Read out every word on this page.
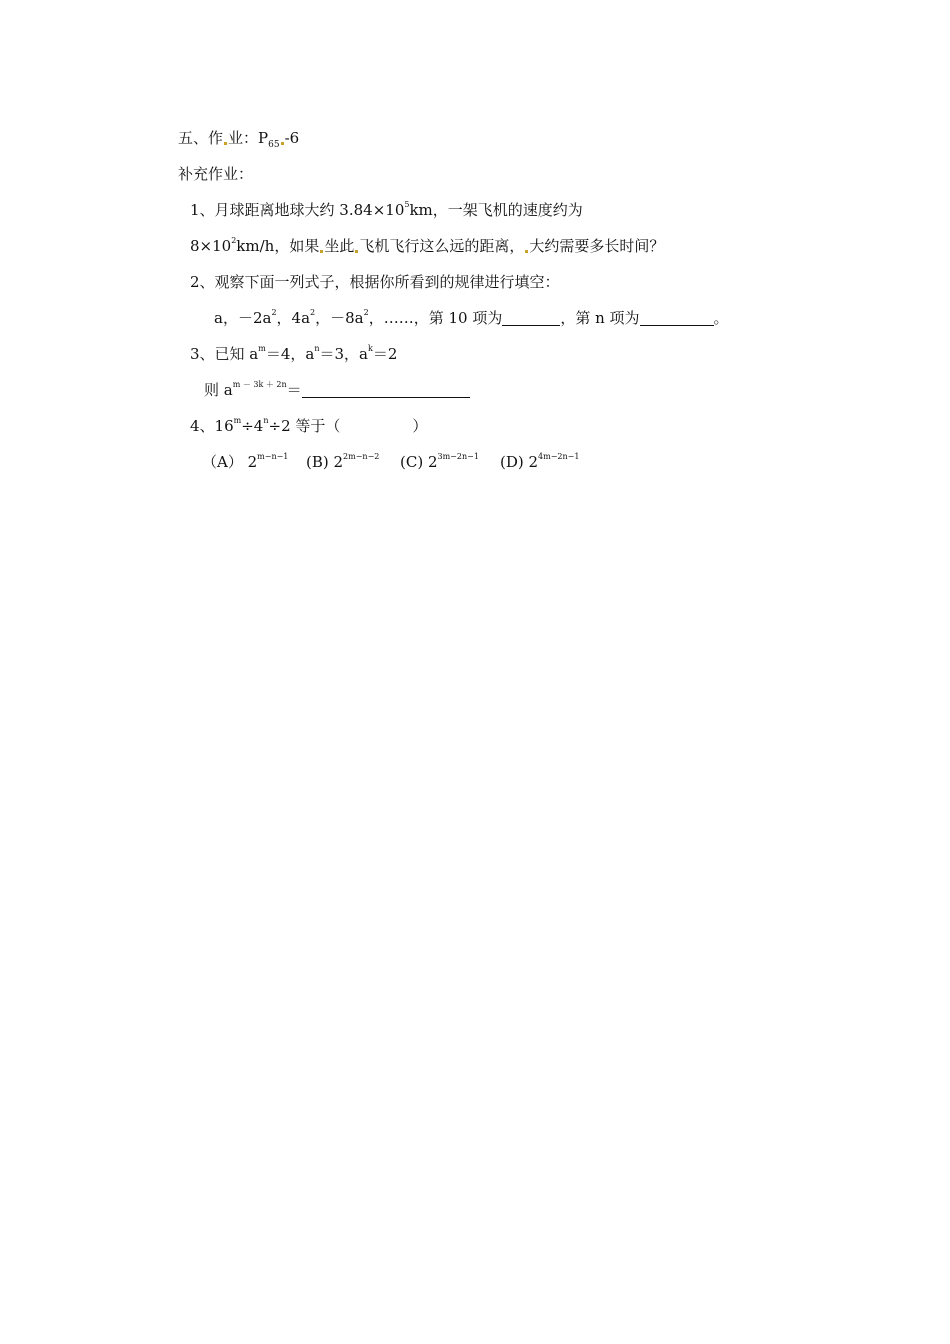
五、作 业：$P_{65}$ -6
补充作业：
1、月球距离地球大约 $3.84\times 10^5km$，一架飞机的速度约为
$8\times 10^2km/h$，如果 坐此 飞机飞行这么远的距离， 大约需要多长时间？
2、观察下面一列式子，根据你所看到的规律进行填空：
a，$-2a^2$，$4a^2$，$-8a^2$，……，第 10 项为	，第 n 项为	。
3、已知 $a^m=4$，$a^n=3$，$a^k=2$
则 $a^{m - 3k + 2n}=$
4、$16^m\div 4^n\div 2$ 等于（	）
（A） $2^{m-n-1}$ (B) $2^{2m-n-2}$ (C) $2^{3m-2n-1}$ (D) $2^{4m-2n-1}$
